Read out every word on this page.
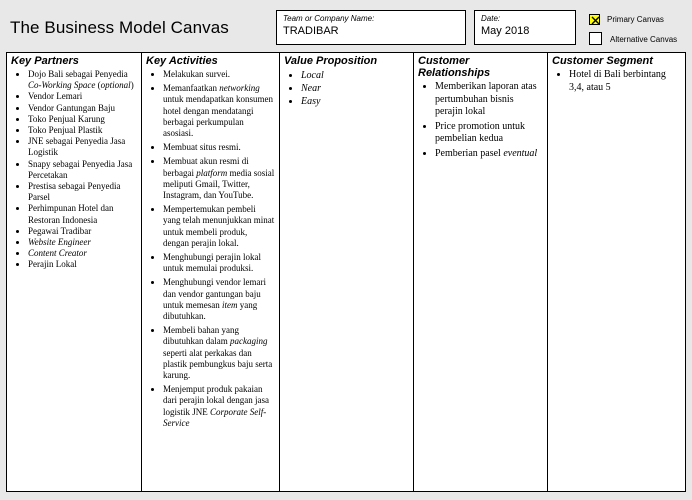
The Business Model Canvas	Team or Company Name:
TRADIBAR
Date:
May 2018
Primary Canvas
Alternative Canvas
Key Partners
• Dojo Bali sebagai Penyedia Co-Working Space (optional)
• Vendor Lemari
• Vendor Gantungan Baju
• Toko Penjual Karung
• Toko Penjual Plastik
• JNE sebagai Penyedia Jasa Logistik
• Snapy sebagai Penyedia Jasa Percetakan
• Prestisa sebagai Penyedia Parsel
• Perhimpunan Hotel dan Restoran Indonesia
• Pegawai Tradibar
• Website Engineer
• Content Creator
• Perajin Lokal
Key Activities
• Melakukan survei.
• Memanfaatkan networking untuk mendapatkan konsumen hotel dengan mendatangi berbagai perkumpulan asosiasi.
• Membuat situs resmi.
• Membuat akun resmi di berbagai platform media sosial meliputi Gmail, Twitter, Instagram, dan YouTube.
• Mempertemukan pembeli yang telah menunjukkan minat untuk membeli produk, dengan perajin lokal.
• Menghubungi perajin lokal untuk memulai produksi.
• Menghubungi vendor lemari dan vendor gantungan baju untuk memesan item yang dibutuhkan.
• Membeli bahan yang dibutuhkan dalam packaging seperti alat perkakas dan plastik pembungkus baju serta karung.
• Menjemput produk pakaian dari perajin lokal dengan jasa logistik JNE Corporate Self-Service
Value Proposition
• Local
• Near
• Easy
Customer Relationships
• Memberikan laporan atas pertumbuhan bisnis perajin lokal
• Price promotion untuk pembelian kedua
• Pemberian pasel eventual
Customer Segment
• Hotel di Bali berbintang 3,4, atau 5
